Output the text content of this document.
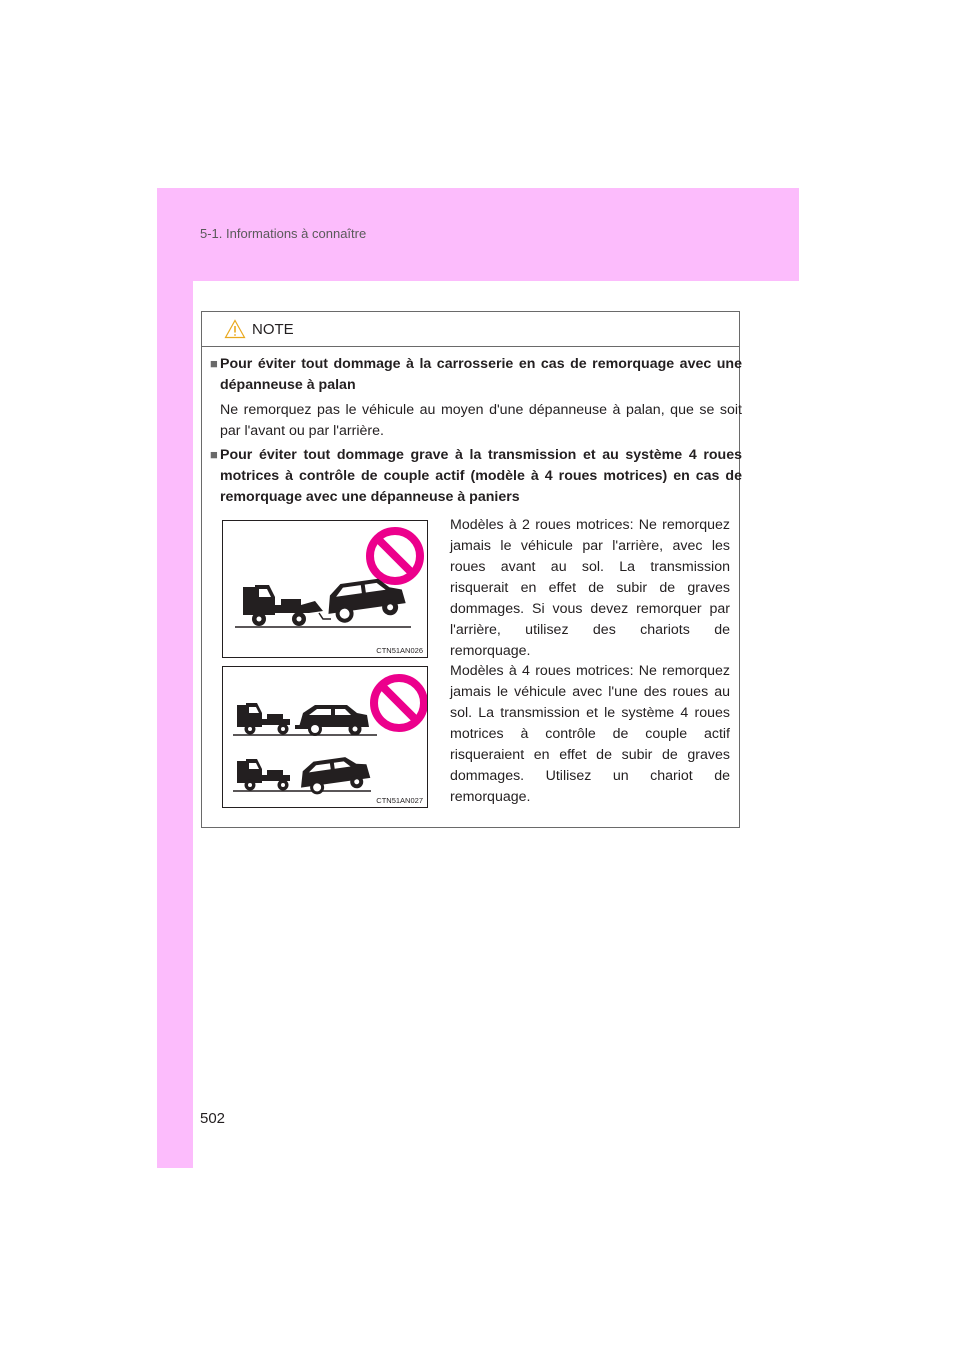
5-1. Informations à connaître
NOTE
■ Pour éviter tout dommage à la carrosserie en cas de remorquage avec une dépanneuse à palan

Ne remorquez pas le véhicule au moyen d'une dépanneuse à palan, que se soit par l'avant ou par l'arrière.

■ Pour éviter tout dommage grave à la transmission et au système 4 roues motrices à contrôle de couple actif (modèle à 4 roues motrices) en cas de remorquage avec une dépanneuse à paniers

CTN51AN026
CTN51AN027

Modèles à 2 roues motrices: Ne remorquez jamais le véhicule par l'arrière, avec les roues avant au sol. La transmission risquerait en effet de subir de graves dommages. Si vous devez remorquer par l'arrière, utilisez des chariots de remorquage.

Modèles à 4 roues motrices: Ne remorquez jamais le véhicule avec l'une des roues au sol. La transmission et le système 4 roues motrices à contrôle de couple actif risqueraient en effet de subir de graves dommages. Utilisez un chariot de remorquage.

502
